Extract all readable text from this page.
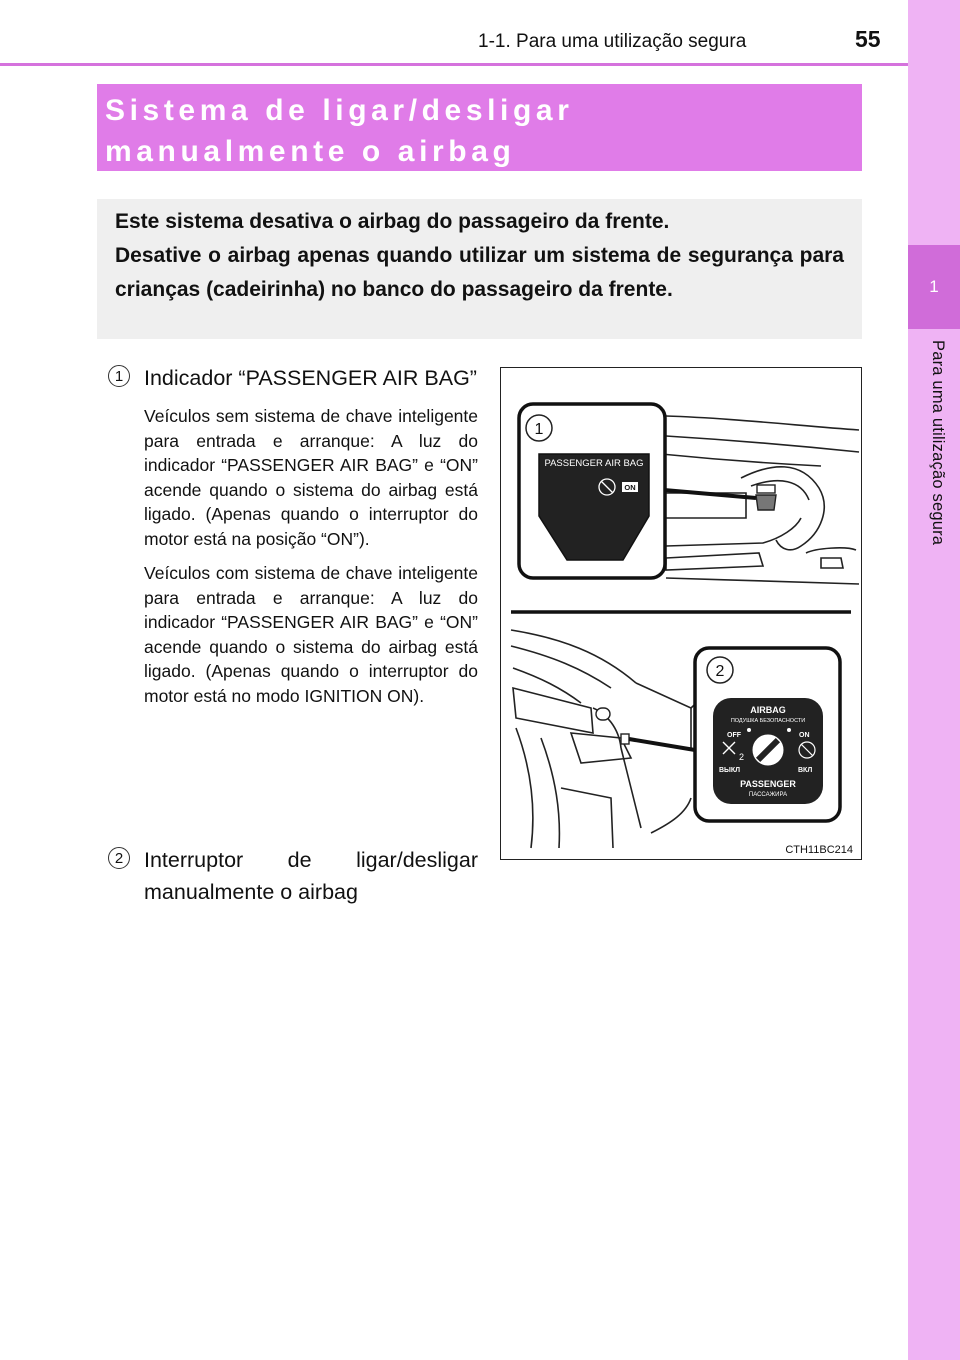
1
Para uma utilização segura
1-1. Para uma utilização segura	55
Sistema de ligar/desligar manualmente o airbag
Este sistema desativa o airbag do passageiro da frente.
Desative o airbag apenas quando utilizar um sistema de segurança para crianças (cadeirinha) no banco do passageiro da frente.
1 Indicador “PASSENGER AIR BAG”
Veículos sem sistema de chave inteligente para entrada e arranque: A luz do indicador “PASSENGER AIR BAG” e “ON” acende quando o sistema do airbag está ligado. (Apenas quando o interruptor do motor está na posição “ON”).
Veículos com sistema de chave inteligente para entrada e arranque: A luz do indicador “PASSENGER AIR BAG” e “ON” acende quando o sistema do airbag está ligado. (Apenas quando o interruptor do motor está no modo IGNITION ON).
2 Interruptor de ligar/desligar manualmente o airbag
1
PASSENGER AIR BAG
ON
2
AIRBAG
ПОДУШКА БЕЗОПАСНОСТИ
OFF	ON
2
ВЫКЛ	ВКЛ
PASSENGER
ПАССАЖИРА
CTH11BC214
